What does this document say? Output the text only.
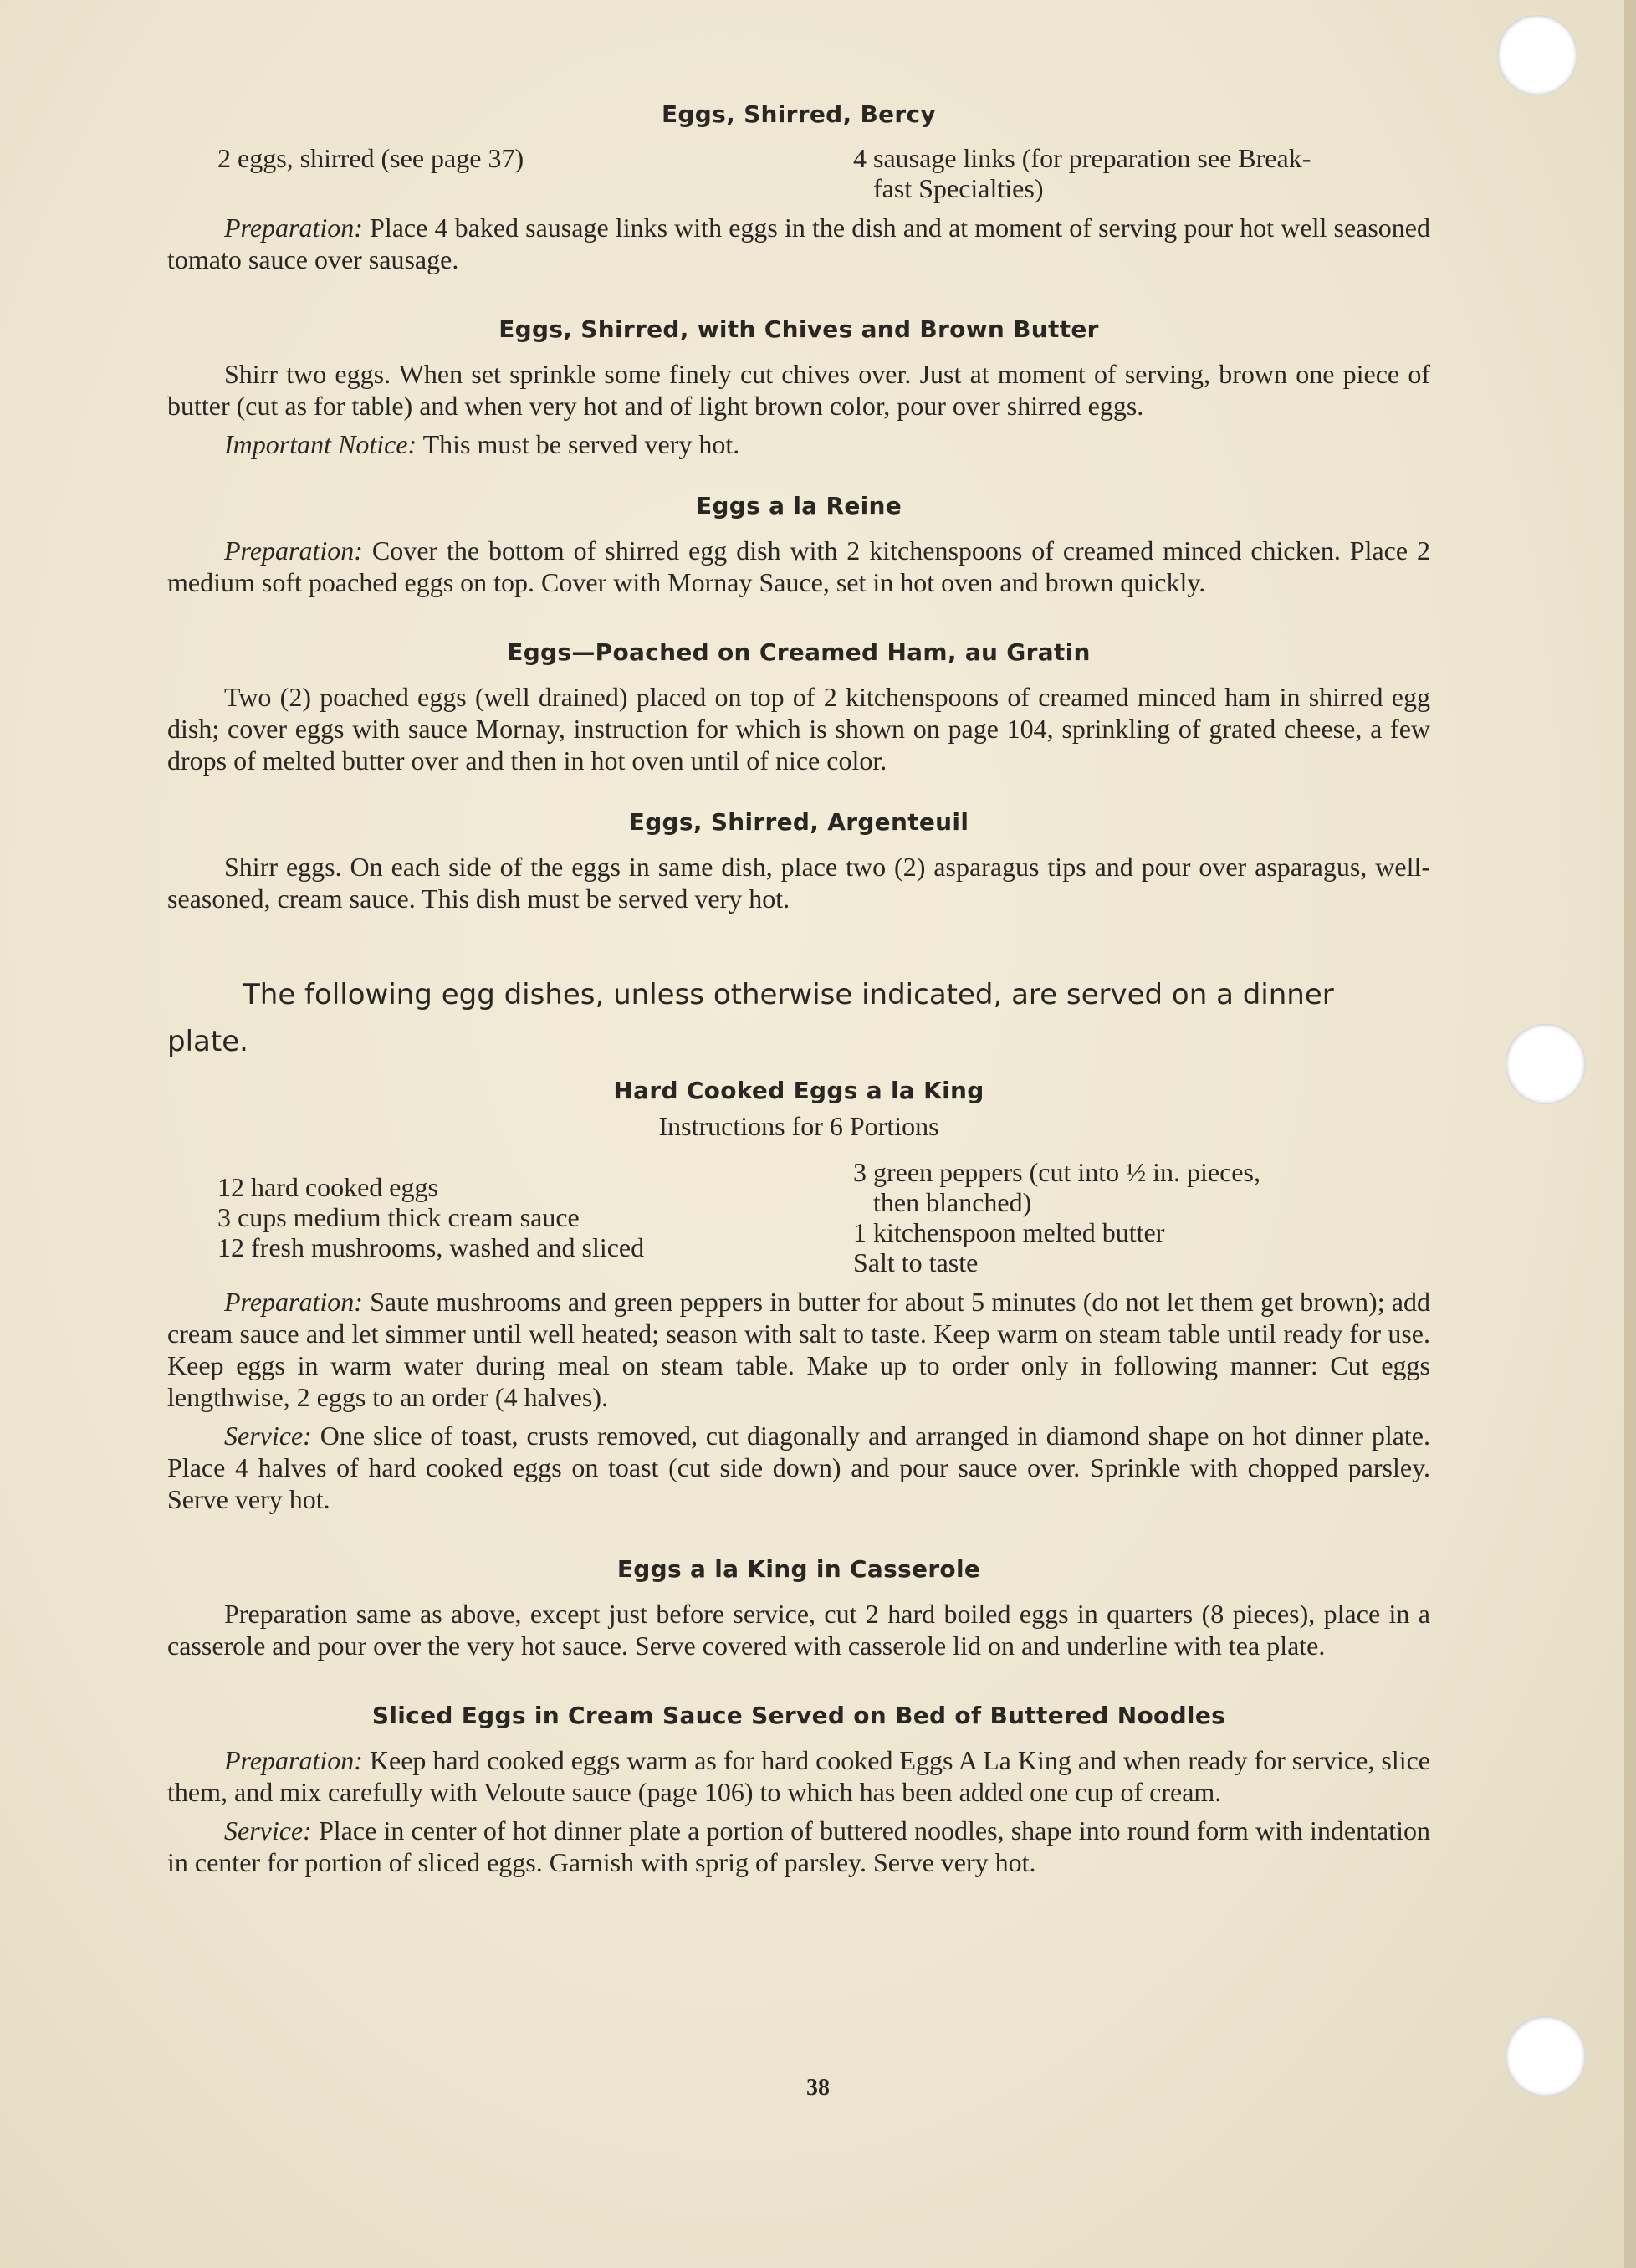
Eggs, Shirred, Bercy
2 eggs, shirred (see page 37)	4 sausage links (for preparation see Break-
fast Specialties)

Preparation: Place 4 baked sausage links with eggs in the dish and at moment of serving pour hot well seasoned tomato sauce over sausage.

Eggs, Shirred, with Chives and Brown Butter

Shirr two eggs. When set sprinkle some finely cut chives over. Just at moment of serving, brown one piece of butter (cut as for table) and when very hot and of light brown color, pour over shirred eggs.

Important Notice: This must be served very hot.

Eggs a la Reine

Preparation: Cover the bottom of shirred egg dish with 2 kitchenspoons of creamed minced chicken. Place 2 medium soft poached eggs on top. Cover with Mornay Sauce, set in hot oven and brown quickly.

Eggs—Poached on Creamed Ham, au Gratin

Two (2) poached eggs (well drained) placed on top of 2 kitchenspoons of creamed minced ham in shirred egg dish; cover eggs with sauce Mornay, instruction for which is shown on page 104, sprinkling of grated cheese, a few drops of melted butter over and then in hot oven until of nice color.

Eggs, Shirred, Argenteuil

Shirr eggs. On each side of the eggs in same dish, place two (2) asparagus tips and pour over asparagus, well-seasoned, cream sauce. This dish must be served very hot.

The following egg dishes, unless otherwise indicated, are served on a dinner
plate.
Hard Cooked Eggs a la King
Instructions for 6 Portions
12 hard cooked eggs
3 cups medium thick cream sauce
12 fresh mushrooms, washed and sliced
3 green peppers (cut into ½ in. pieces,
then blanched)
1 kitchenspoon melted butter
Salt to taste

Preparation: Saute mushrooms and green peppers in butter for about 5 minutes (do not let them get brown); add cream sauce and let simmer until well heated; season with salt to taste. Keep warm on steam table until ready for use. Keep eggs in warm water during meal on steam table. Make up to order only in following manner: Cut eggs lengthwise, 2 eggs to an order (4 halves).

Service: One slice of toast, crusts removed, cut diagonally and arranged in diamond shape on hot dinner plate. Place 4 halves of hard cooked eggs on toast (cut side down) and pour sauce over. Sprinkle with chopped parsley. Serve very hot.

Eggs a la King in Casserole

Preparation same as above, except just before service, cut 2 hard boiled eggs in quarters (8 pieces), place in a casserole and pour over the very hot sauce. Serve covered with casserole lid on and underline with tea plate.

Sliced Eggs in Cream Sauce Served on Bed of Buttered Noodles

Preparation: Keep hard cooked eggs warm as for hard cooked Eggs A La King and when ready for service, slice them, and mix carefully with Veloute sauce (page 106) to which has been added one cup of cream.

Service: Place in center of hot dinner plate a portion of buttered noodles, shape into round form with indentation in center for portion of sliced eggs. Garnish with sprig of parsley. Serve very hot.

38
